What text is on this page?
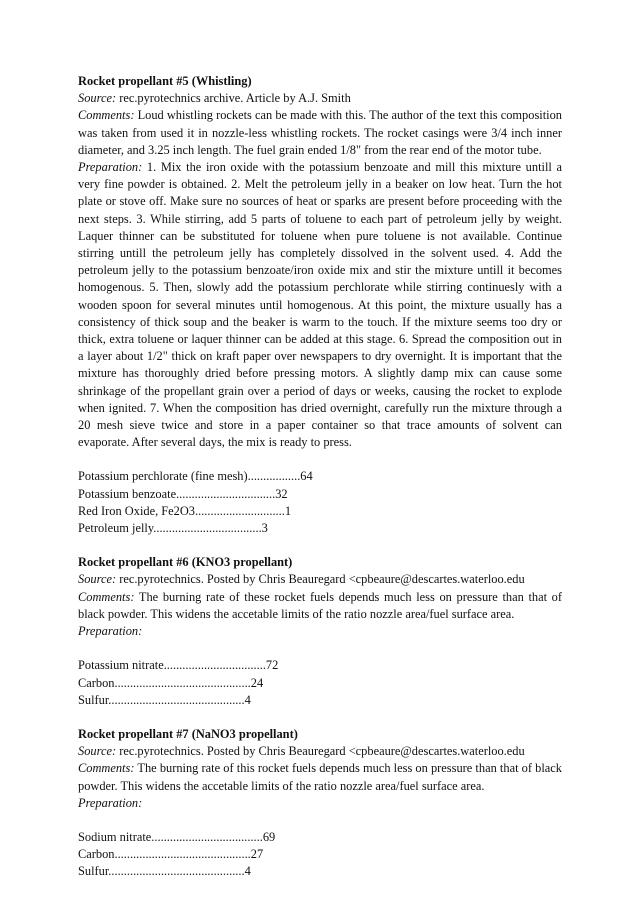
Rocket propellant #5 (Whistling)

Source: rec.pyrotechnics archive. Article by A.J. Smith

Comments: Loud whistling rockets can be made with this. The author of the text this composition was taken from used it in nozzle-less whistling rockets. The rocket casings were 3/4 inch inner diameter, and 3.25 inch length. The fuel grain ended 1/8" from the rear end of the motor tube.

Preparation: 1. Mix the iron oxide with the potassium benzoate and mill this mixture untill a very fine powder is obtained. 2. Melt the petroleum jelly in a beaker on low heat. Turn the hot plate or stove off. Make sure no sources of heat or sparks are present before proceeding with the next steps. 3. While stirring, add 5 parts of toluene to each part of petroleum jelly by weight. Laquer thinner can be substituted for toluene when pure toluene is not available. Continue stirring untill the petroleum jelly has completely dissolved in the solvent used. 4. Add the petroleum jelly to the potassium benzoate/iron oxide mix and stir the mixture untill it becomes homogenous. 5. Then, slowly add the potassium perchlorate while stirring continuesly with a wooden spoon for several minutes until homogenous. At this point, the mixture usually has a consistency of thick soup and the beaker is warm to the touch. If the mixture seems too dry or thick, extra toluene or laquer thinner can be added at this stage. 6. Spread the composition out in a layer about 1/2" thick on kraft paper over newspapers to dry overnight. It is important that the mixture has thoroughly dried before pressing motors. A slightly damp mix can cause some shrinkage of the propellant grain over a period of days or weeks, causing the rocket to explode when ignited. 7. When the composition has dried overnight, carefully run the mixture through a 20 mesh sieve twice and store in a paper container so that trace amounts of solvent can evaporate. After several days, the mix is ready to press.

Potassium perchlorate (fine mesh).................64

Potassium benzoate................................32

Red Iron Oxide, Fe2O3.............................1

Petroleum jelly...................................3

Rocket propellant #6 (KNO3 propellant)

Source: rec.pyrotechnics. Posted by Chris Beauregard <cpbeaure@descartes.waterloo.edu

Comments: The burning rate of these rocket fuels depends much less on pressure than that of black powder. This widens the accetable limits of the ratio nozzle area/fuel surface area.

Preparation:

Potassium nitrate.................................72

Carbon............................................24

Sulfur............................................4

Rocket propellant #7 (NaNO3 propellant)

Source: rec.pyrotechnics. Posted by Chris Beauregard <cpbeaure@descartes.waterloo.edu

Comments: The burning rate of this rocket fuels depends much less on pressure than that of black powder. This widens the accetable limits of the ratio nozzle area/fuel surface area.

Preparation:

Sodium nitrate....................................69

Carbon............................................27

Sulfur............................................4
